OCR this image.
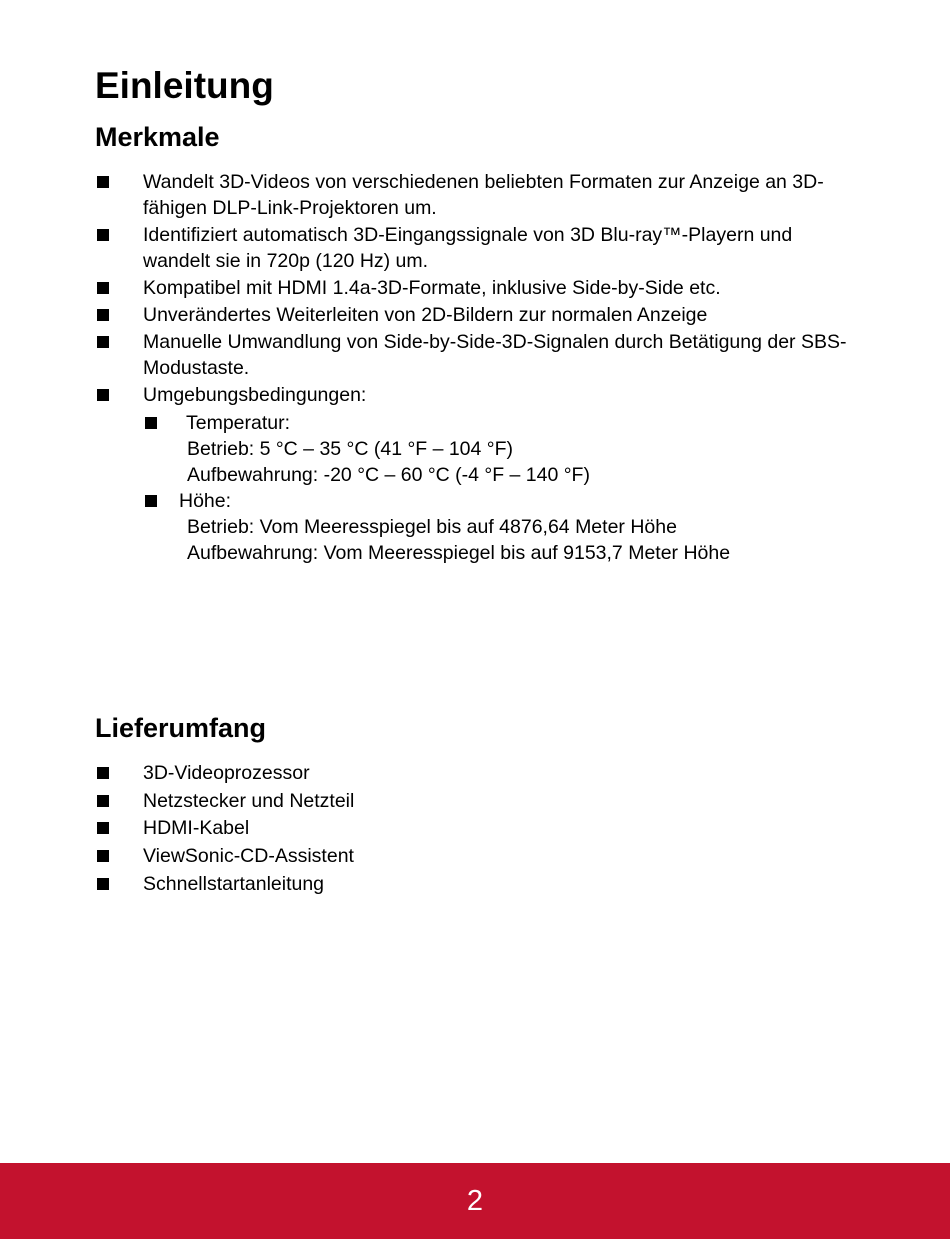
Einleitung
Merkmale
Wandelt 3D-Videos von verschiedenen beliebten Formaten zur Anzeige an 3D-fähigen DLP-Link-Projektoren um.
Identifiziert automatisch 3D-Eingangssignale von 3D Blu-ray™-Playern und wandelt sie in 720p (120 Hz) um.
Kompatibel mit HDMI 1.4a-3D-Formate, inklusive Side-by-Side etc.
Unverändertes Weiterleiten von 2D-Bildern zur normalen Anzeige
Manuelle Umwandlung von Side-by-Side-3D-Signalen durch Betätigung der SBS-Modustaste.
Umgebungsbedingungen:
Temperatur:
Betrieb: 5 °C – 35 °C (41 °F – 104 °F)
Aufbewahrung: -20 °C – 60 °C (-4 °F – 140 °F)
Höhe:
Betrieb: Vom Meeresspiegel bis auf 4876,64 Meter Höhe
Aufbewahrung: Vom Meeresspiegel bis auf 9153,7 Meter Höhe
Lieferumfang
3D-Videoprozessor
Netzstecker und Netzteil
HDMI-Kabel
ViewSonic-CD-Assistent
Schnellstartanleitung
2
